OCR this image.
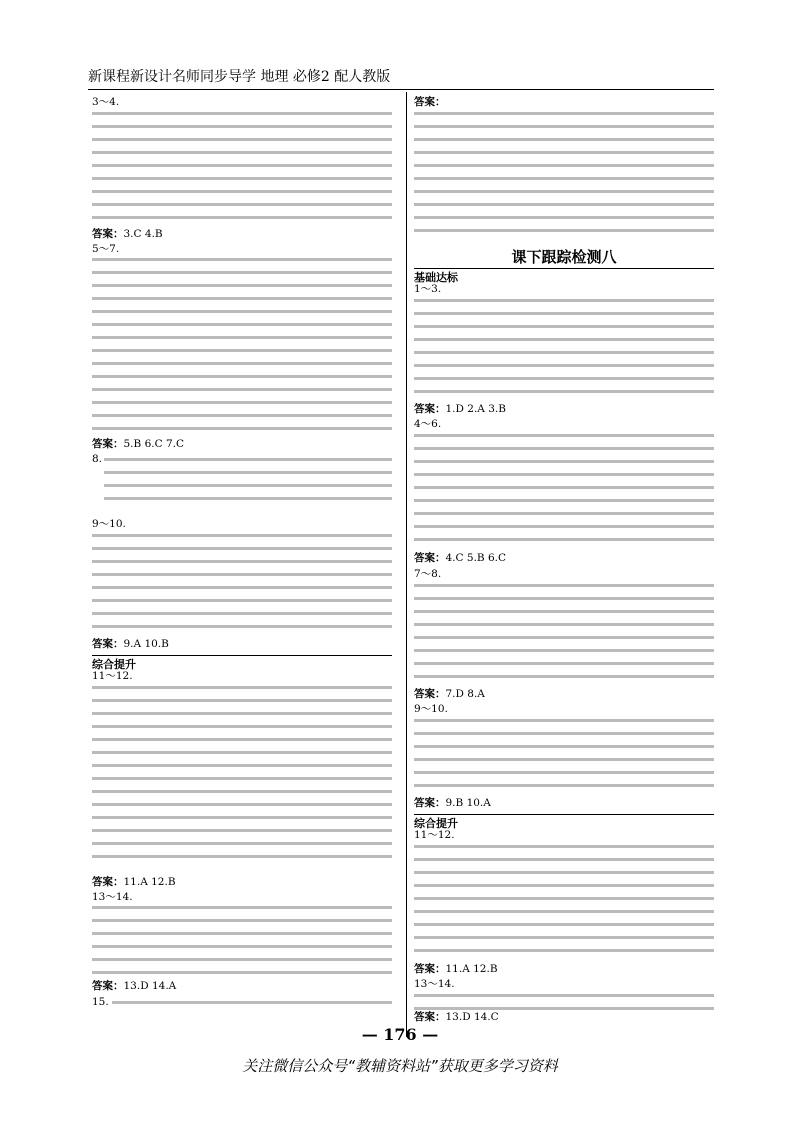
新课程新设计名师同步导学 地理 必修2 配人教版
3～4.
答案：3.C 4.B
5～7.
答案：5.B 6.C 7.C
8.
9～10.
答案：9.A 10.B
综合提升
11～12.
答案：11.A 12.B
13～14.
答案：13.D 14.A
15.
答案：
课下跟踪检测八
基础达标
1～3.
答案：1.D 2.A 3.B
4～6.
答案：4.C 5.B 6.C
7～8.
答案：7.D 8.A
9～10.
答案：9.B 10.A
综合提升
11～12.
答案：11.A 12.B
13～14.
答案：13.D 14.C
— 176 —
关注微信公众号“教辅资料站”获取更多学习资料
